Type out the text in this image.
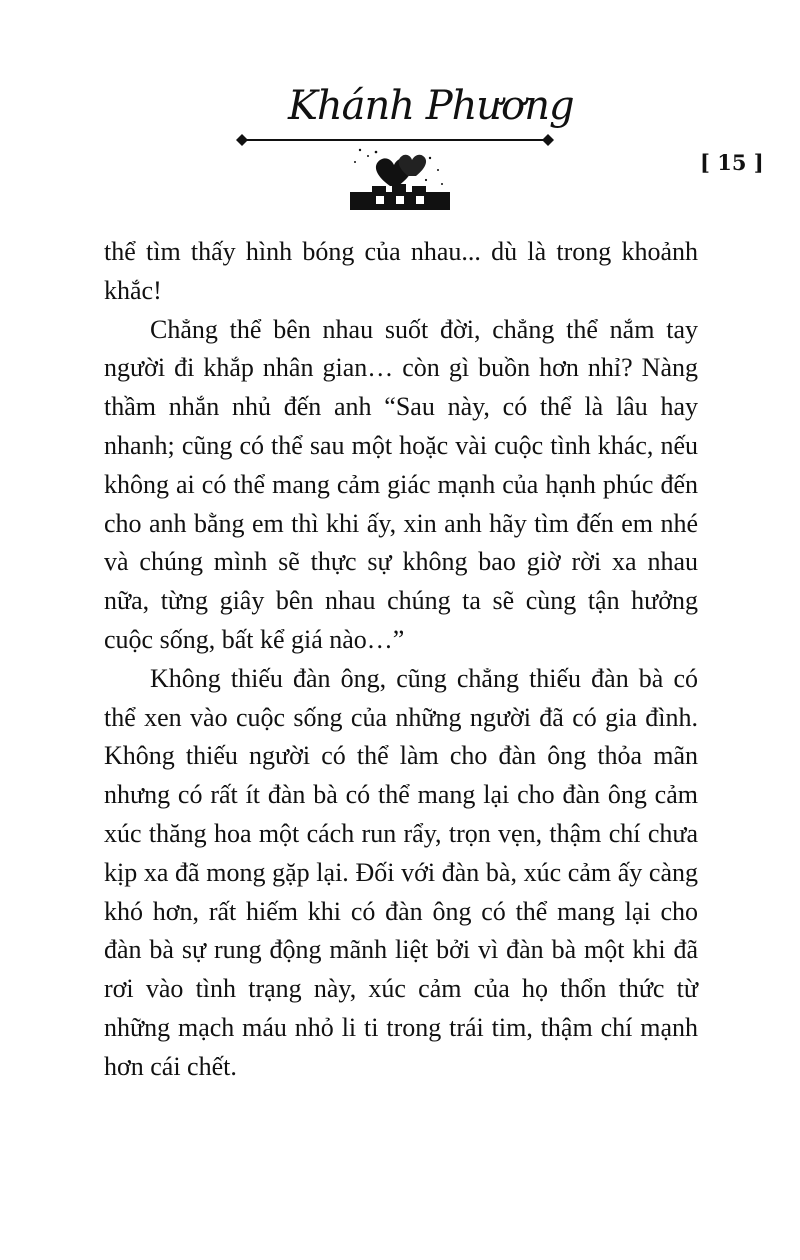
Khánh Phương
[ 15 ]

thể tìm thấy hình bóng của nhau... dù là trong khoảnh khắc!

Chẳng thể bên nhau suốt đời, chẳng thể nắm tay người đi khắp nhân gian… còn gì buồn hơn nhỉ? Nàng thầm nhắn nhủ đến anh “Sau này, có thể là lâu hay nhanh; cũng có thể sau một hoặc vài cuộc tình khác, nếu không ai có thể mang cảm giác mạnh của hạnh phúc đến cho anh bằng em thì khi ấy, xin anh hãy tìm đến em nhé và chúng mình sẽ thực sự không bao giờ rời xa nhau nữa, từng giây bên nhau chúng ta sẽ cùng tận hưởng cuộc sống, bất kể giá nào…”

Không thiếu đàn ông, cũng chẳng thiếu đàn bà có thể xen vào cuộc sống của những người đã có gia đình. Không thiếu người có thể làm cho đàn ông thỏa mãn nhưng có rất ít đàn bà có thể mang lại cho đàn ông cảm xúc thăng hoa một cách run rẩy, trọn vẹn, thậm chí chưa kịp xa đã mong gặp lại. Đối với đàn bà, xúc cảm ấy càng khó hơn, rất hiếm khi có đàn ông có thể mang lại cho đàn bà sự rung động mãnh liệt bởi vì đàn bà một khi đã rơi vào tình trạng này, xúc cảm của họ thổn thức từ những mạch máu nhỏ li ti trong trái tim, thậm chí mạnh hơn cái chết.
